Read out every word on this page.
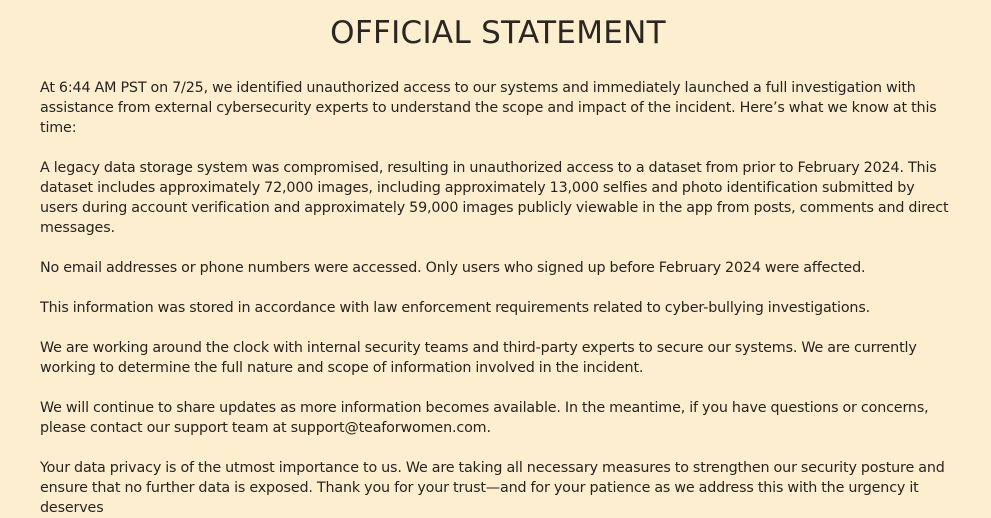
OFFICIAL STATEMENT

At 6:44 AM PST on 7/25, we identified unauthorized access to our systems and immediately launched a full investigation with assistance from external cybersecurity experts to understand the scope and impact of the incident. Here’s what we know at this time:

A legacy data storage system was compromised, resulting in unauthorized access to a dataset from prior to February 2024. This dataset includes approximately 72,000 images, including approximately 13,000 selfies and photo identification submitted by users during account verification and approximately 59,000 images publicly viewable in the app from posts, comments and direct messages.

No email addresses or phone numbers were accessed. Only users who signed up before February 2024 were affected.

This information was stored in accordance with law enforcement requirements related to cyber-bullying investigations.

We are working around the clock with internal security teams and third-party experts to secure our systems. We are currently working to determine the full nature and scope of information involved in the incident.

We will continue to share updates as more information becomes available. In the meantime, if you have questions or concerns, please contact our support team at support@teaforwomen.com.

Your data privacy is of the utmost importance to us. We are taking all necessary measures to strengthen our security posture and ensure that no further data is exposed. Thank you for your trust—and for your patience as we address this with the urgency it deserves
